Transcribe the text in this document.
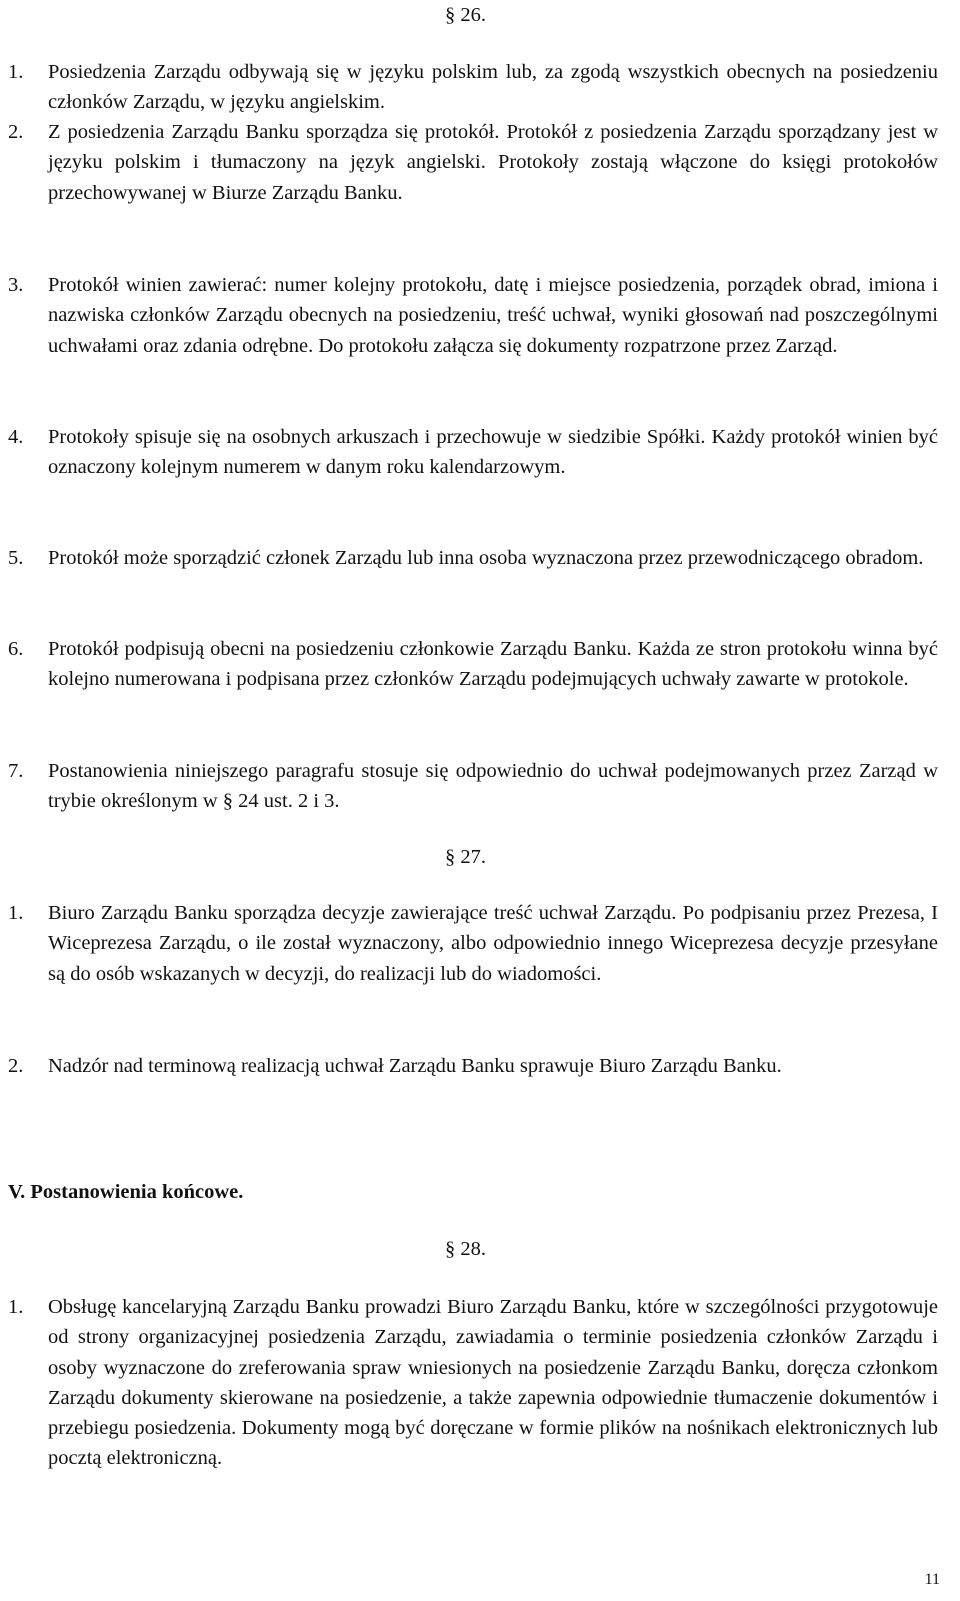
§ 26.
1. Posiedzenia Zarządu odbywają się w języku polskim lub, za zgodą wszystkich obecnych na posiedzeniu członków Zarządu, w języku angielskim.
2. Z posiedzenia Zarządu Banku sporządza się protokół. Protokół z posiedzenia Zarządu sporządzany jest w języku polskim i tłumaczony na język angielski. Protokoły zostają włączone do księgi protokołów przechowywanej w Biurze Zarządu Banku.
3. Protokół winien zawierać: numer kolejny protokołu, datę i miejsce posiedzenia, porządek obrad, imiona i nazwiska członków Zarządu obecnych na posiedzeniu, treść uchwał, wyniki głosowań nad poszczególnymi uchwałami oraz zdania odrębne. Do protokołu załącza się dokumenty rozpatrzone przez Zarząd.
4. Protokoły spisuje się na osobnych arkuszach i przechowuje w siedzibie Spółki. Każdy protokół winien być oznaczony kolejnym numerem w danym roku kalendarzowym.
5. Protokół może sporządzić członek Zarządu lub inna osoba wyznaczona przez przewodniczącego obradom.
6. Protokół podpisują obecni na posiedzeniu członkowie Zarządu Banku. Każda ze stron protokołu winna być kolejno numerowana i podpisana przez członków Zarządu podejmujących uchwały zawarte w protokole.
7. Postanowienia niniejszego paragrafu stosuje się odpowiednio do uchwał podejmowanych przez Zarząd w trybie określonym w § 24 ust. 2 i 3.
§ 27.
1. Biuro Zarządu Banku sporządza decyzje zawierające treść uchwał Zarządu. Po podpisaniu przez Prezesa, I Wiceprezesa Zarządu, o ile został wyznaczony, albo odpowiednio innego Wiceprezesa decyzje przesyłane są do osób wskazanych w decyzji, do realizacji lub do wiadomości.
2. Nadzór nad terminową realizacją uchwał Zarządu Banku sprawuje Biuro Zarządu Banku.
V. Postanowienia końcowe.
§ 28.
1. Obsługę kancelaryjną Zarządu Banku prowadzi Biuro Zarządu Banku, które w szczególności przygotowuje od strony organizacyjnej posiedzenia Zarządu, zawiadamia o terminie posiedzenia członków Zarządu i osoby wyznaczone do zreferowania spraw wniesionych na posiedzenie Zarządu Banku, doręcza członkom Zarządu dokumenty skierowane na posiedzenie, a także zapewnia odpowiednie tłumaczenie dokumentów i przebiegu posiedzenia. Dokumenty mogą być doręczane w formie plików na nośnikach elektronicznych lub pocztą elektroniczną.
11
